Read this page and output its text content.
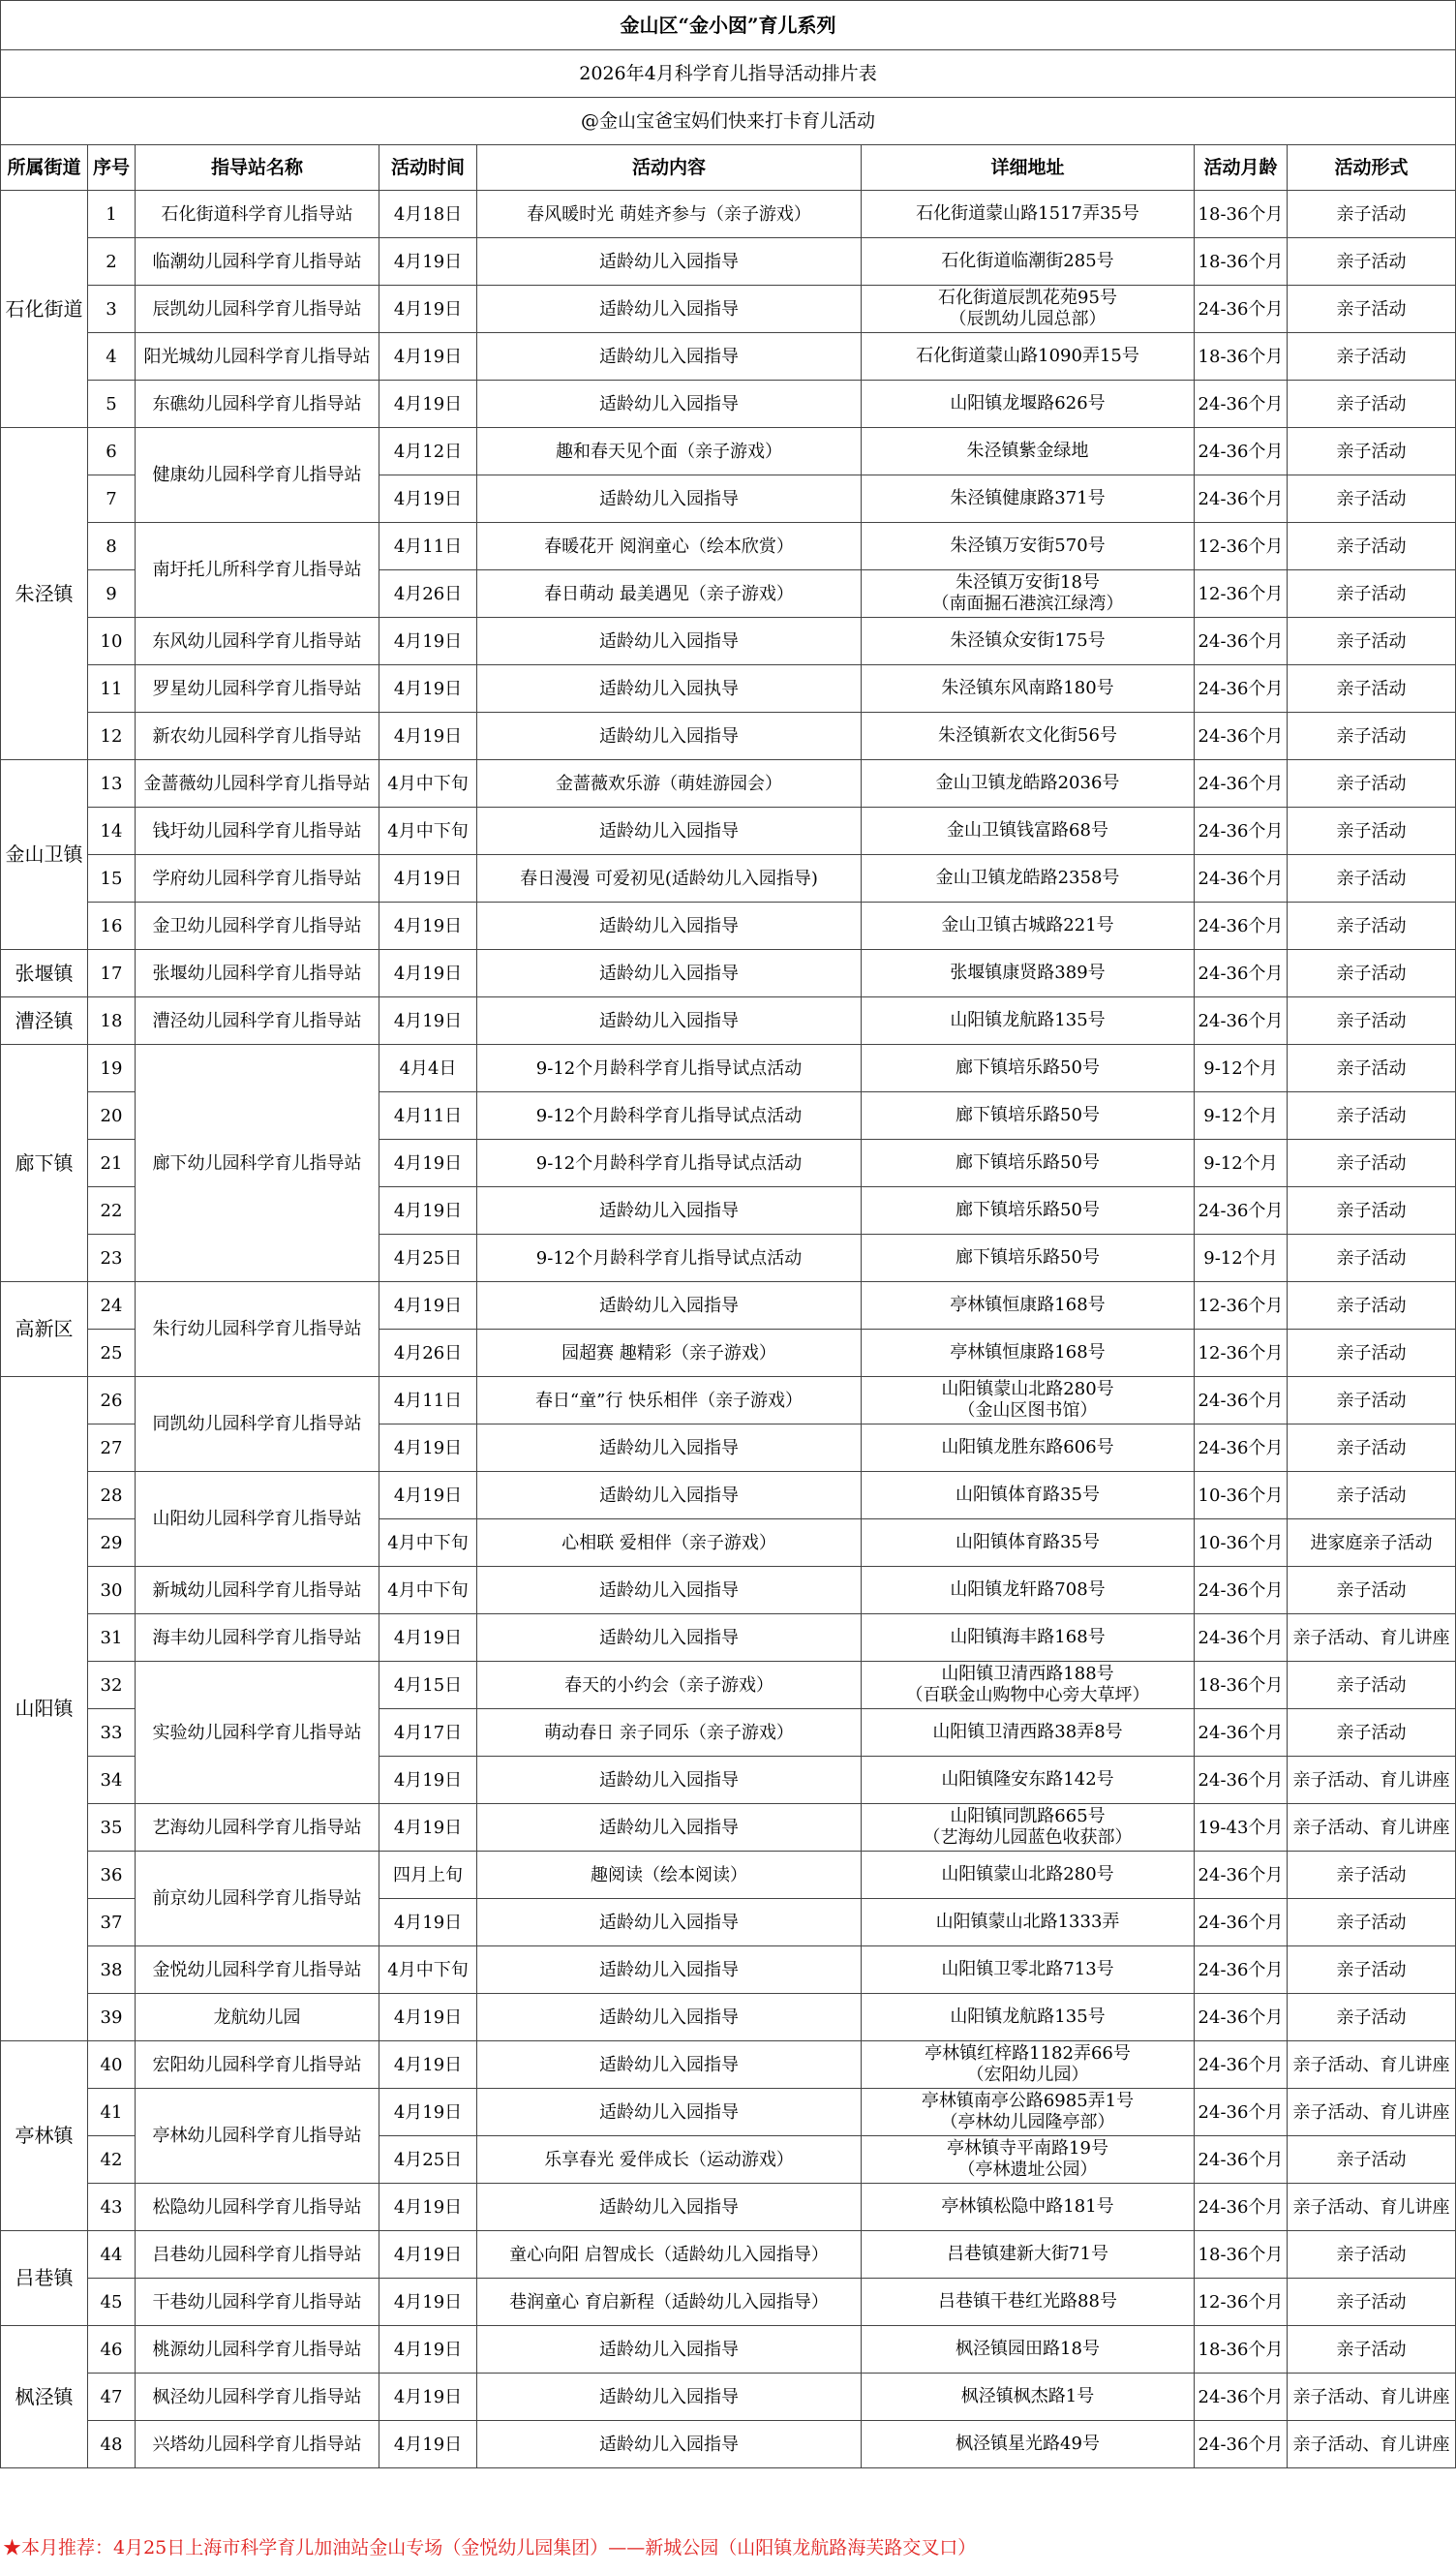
金山区“金小囡”育儿系列							
2026年4月科学育儿指导活动排片表							
@金山宝爸宝妈们快来打卡育儿活动							
所属街道	序号	指导站名称	活动时间	活动内容	详细地址	活动月龄	活动形式
石化街道	1	石化街道科学育儿指导站	4月18日	春风暖时光 萌娃齐参与（亲子游戏）	石化街道蒙山路1517弄35号	18-36个月	亲子活动
	2	临潮幼儿园科学育儿指导站	4月19日	适龄幼儿入园指导	石化街道临潮街285号	18-36个月	亲子活动
	3	辰凯幼儿园科学育儿指导站	4月19日	适龄幼儿入园指导	石化街道辰凯花苑95号
（辰凯幼儿园总部）	24-36个月	亲子活动
	4	阳光城幼儿园科学育儿指导站	4月19日	适龄幼儿入园指导	石化街道蒙山路1090弄15号	18-36个月	亲子活动
	5	东礁幼儿园科学育儿指导站	4月19日	适龄幼儿入园指导	山阳镇龙堰路626号	24-36个月	亲子活动
朱泾镇	6	健康幼儿园科学育儿指导站	4月12日	趣和春天见个面（亲子游戏）	朱泾镇紫金绿地	24-36个月	亲子活动
	7		4月19日	适龄幼儿入园指导	朱泾镇健康路371号	24-36个月	亲子活动
	8	南圩托儿所科学育儿指导站	4月11日	春暖花开 阅润童心（绘本欣赏）	朱泾镇万安街570号	12-36个月	亲子活动
	9		4月26日	春日萌动 最美遇见（亲子游戏）	朱泾镇万安街18号
（南面掘石港滨江绿湾）	12-36个月	亲子活动
	10	东风幼儿园科学育儿指导站	4月19日	适龄幼儿入园指导	朱泾镇众安街175号	24-36个月	亲子活动
	11	罗星幼儿园科学育儿指导站	4月19日	适龄幼儿入园执导	朱泾镇东风南路180号	24-36个月	亲子活动
	12	新农幼儿园科学育儿指导站	4月19日	适龄幼儿入园指导	朱泾镇新农文化街56号	24-36个月	亲子活动
金山卫镇	13	金蔷薇幼儿园科学育儿指导站	4月中下旬	金蔷薇欢乐游（萌娃游园会）	金山卫镇龙皓路2036号	24-36个月	亲子活动
	14	钱圩幼儿园科学育儿指导站	4月中下旬	适龄幼儿入园指导	金山卫镇钱富路68号	24-36个月	亲子活动
	15	学府幼儿园科学育儿指导站	4月19日	春日漫漫 可爱初见(适龄幼儿入园指导)	金山卫镇龙皓路2358号	24-36个月	亲子活动
	16	金卫幼儿园科学育儿指导站	4月19日	适龄幼儿入园指导	金山卫镇古城路221号	24-36个月	亲子活动
张堰镇	17	张堰幼儿园科学育儿指导站	4月19日	适龄幼儿入园指导	张堰镇康贤路389号	24-36个月	亲子活动
漕泾镇	18	漕泾幼儿园科学育儿指导站	4月19日	适龄幼儿入园指导	山阳镇龙航路135号	24-36个月	亲子活动
廊下镇	19	廊下幼儿园科学育儿指导站	4月4日	9-12个月龄科学育儿指导试点活动	廊下镇培乐路50号	9-12个月	亲子活动
	20		4月11日	9-12个月龄科学育儿指导试点活动	廊下镇培乐路50号	9-12个月	亲子活动
	21		4月19日	9-12个月龄科学育儿指导试点活动	廊下镇培乐路50号	9-12个月	亲子活动
	22		4月19日	适龄幼儿入园指导	廊下镇培乐路50号	24-36个月	亲子活动
	23		4月25日	9-12个月龄科学育儿指导试点活动	廊下镇培乐路50号	9-12个月	亲子活动
高新区	24	朱行幼儿园科学育儿指导站	4月19日	适龄幼儿入园指导	亭林镇恒康路168号	12-36个月	亲子活动
	25		4月26日	园超赛 趣精彩（亲子游戏）	亭林镇恒康路168号	12-36个月	亲子活动
山阳镇	26	同凯幼儿园科学育儿指导站	4月11日	春日“童”行 快乐相伴（亲子游戏）	山阳镇蒙山北路280号
（金山区图书馆）	24-36个月	亲子活动
	27		4月19日	适龄幼儿入园指导	山阳镇龙胜东路606号	24-36个月	亲子活动
	28	山阳幼儿园科学育儿指导站	4月19日	适龄幼儿入园指导	山阳镇体育路35号	10-36个月	亲子活动
	29		4月中下旬	心相联 爱相伴（亲子游戏）	山阳镇体育路35号	10-36个月	进家庭亲子活动
	30	新城幼儿园科学育儿指导站	4月中下旬	适龄幼儿入园指导	山阳镇龙轩路708号	24-36个月	亲子活动
	31	海丰幼儿园科学育儿指导站	4月19日	适龄幼儿入园指导	山阳镇海丰路168号	24-36个月	亲子活动、育儿讲座
	32	实验幼儿园科学育儿指导站	4月15日	春天的小约会（亲子游戏）	山阳镇卫清西路188号
（百联金山购物中心旁大草坪）	18-36个月	亲子活动
	33		4月17日	萌动春日 亲子同乐（亲子游戏）	山阳镇卫清西路38弄8号	24-36个月	亲子活动
	34		4月19日	适龄幼儿入园指导	山阳镇隆安东路142号	24-36个月	亲子活动、育儿讲座
	35	艺海幼儿园科学育儿指导站	4月19日	适龄幼儿入园指导	山阳镇同凯路665号
（艺海幼儿园蓝色收获部）	19-43个月	亲子活动、育儿讲座
	36	前京幼儿园科学育儿指导站	四月上旬	趣阅读（绘本阅读）	山阳镇蒙山北路280号	24-36个月	亲子活动
	37		4月19日	适龄幼儿入园指导	山阳镇蒙山北路1333弄	24-36个月	亲子活动
	38	金悦幼儿园科学育儿指导站	4月中下旬	适龄幼儿入园指导	山阳镇卫零北路713号	24-36个月	亲子活动
	39	龙航幼儿园	4月19日	适龄幼儿入园指导	山阳镇龙航路135号	24-36个月	亲子活动
亭林镇	40	宏阳幼儿园科学育儿指导站	4月19日	适龄幼儿入园指导	亭林镇红梓路1182弄66号
（宏阳幼儿园）	24-36个月	亲子活动、育儿讲座
	41	亭林幼儿园科学育儿指导站	4月19日	适龄幼儿入园指导	亭林镇南亭公路6985弄1号
（亭林幼儿园隆亭部）	24-36个月	亲子活动、育儿讲座
	42		4月25日	乐享春光 爱伴成长（运动游戏）	亭林镇寺平南路19号
（亭林遗址公园）	24-36个月	亲子活动
	43	松隐幼儿园科学育儿指导站	4月19日	适龄幼儿入园指导	亭林镇松隐中路181号	24-36个月	亲子活动、育儿讲座
吕巷镇	44	吕巷幼儿园科学育儿指导站	4月19日	童心向阳 启智成长（适龄幼儿入园指导）	吕巷镇建新大街71号	18-36个月	亲子活动
	45	干巷幼儿园科学育儿指导站	4月19日	巷润童心 育启新程（适龄幼儿入园指导）	吕巷镇干巷红光路88号	12-36个月	亲子活动
枫泾镇	46	桃源幼儿园科学育儿指导站	4月19日	适龄幼儿入园指导	枫泾镇园田路18号	18-36个月	亲子活动
	47	枫泾幼儿园科学育儿指导站	4月19日	适龄幼儿入园指导	枫泾镇枫杰路1号	24-36个月	亲子活动、育儿讲座
	48	兴塔幼儿园科学育儿指导站	4月19日	适龄幼儿入园指导	枫泾镇星光路49号	24-36个月	亲子活动、育儿讲座
★本月推荐：4月25日上海市科学育儿加油站金山专场（金悦幼儿园集团）——新城公园（山阳镇龙航路海芙路交叉口）
